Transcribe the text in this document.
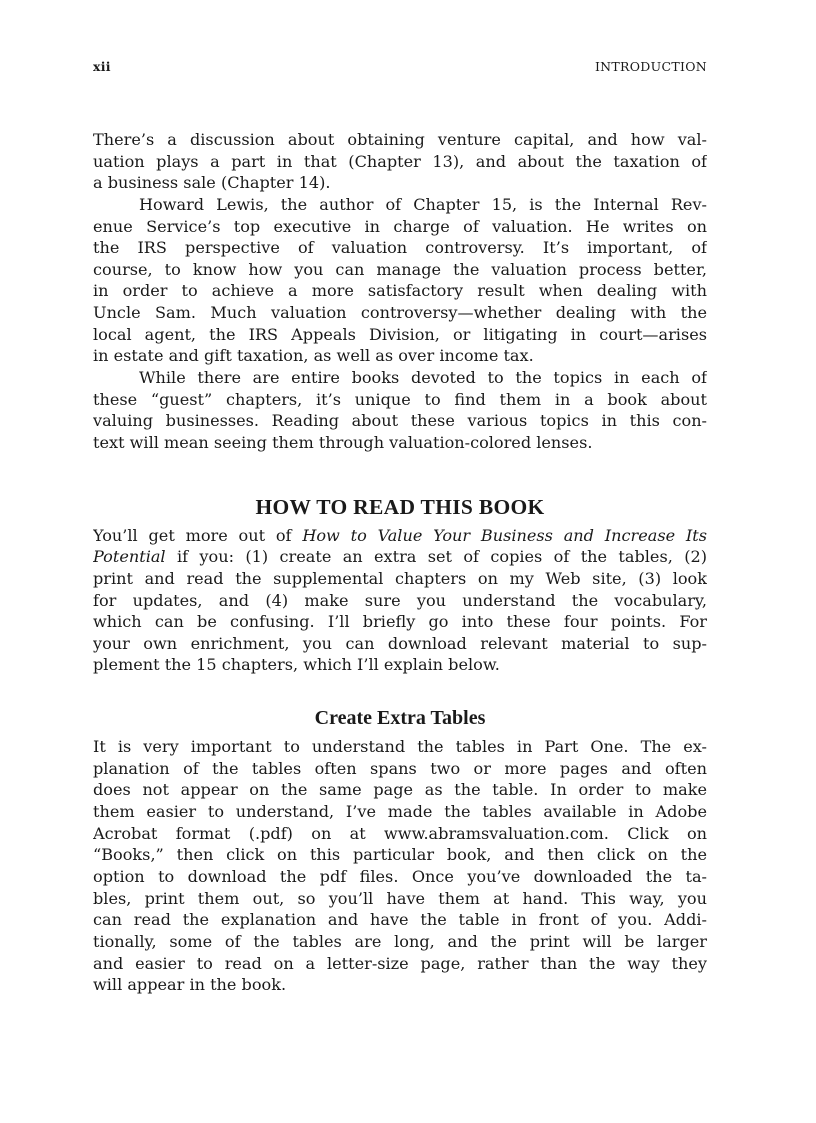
xii	INTRODUCTION
There’s a discussion about obtaining venture capital, and how val-
uation plays a part in that (Chapter 13), and about the taxation of
a business sale (Chapter 14).
Howard Lewis, the author of Chapter 15, is the Internal Rev-
enue Service’s top executive in charge of valuation. He writes on
the IRS perspective of valuation controversy. It’s important, of
course, to know how you can manage the valuation process better,
in order to achieve a more satisfactory result when dealing with
Uncle Sam. Much valuation controversy—whether dealing with the
local agent, the IRS Appeals Division, or litigating in court—arises
in estate and gift taxation, as well as over income tax.
While there are entire books devoted to the topics in each of
these “guest” chapters, it’s unique to find them in a book about
valuing businesses. Reading about these various topics in this con-
text will mean seeing them through valuation-colored lenses.
HOW TO READ THIS BOOK
You’ll get more out of How to Value Your Business and Increase Its
Potential if you: (1) create an extra set of copies of the tables, (2)
print and read the supplemental chapters on my Web site, (3) look
for updates, and (4) make sure you understand the vocabulary,
which can be confusing. I’ll briefly go into these four points. For
your own enrichment, you can download relevant material to sup-
plement the 15 chapters, which I’ll explain below.
Create Extra Tables
It is very important to understand the tables in Part One. The ex-
planation of the tables often spans two or more pages and often
does not appear on the same page as the table. In order to make
them easier to understand, I’ve made the tables available in Adobe
Acrobat format (.pdf) on at www.abramsvaluation.com. Click on
“Books,” then click on this particular book, and then click on the
option to download the pdf files. Once you’ve downloaded the ta-
bles, print them out, so you’ll have them at hand. This way, you
can read the explanation and have the table in front of you. Addi-
tionally, some of the tables are long, and the print will be larger
and easier to read on a letter-size page, rather than the way they
will appear in the book.
